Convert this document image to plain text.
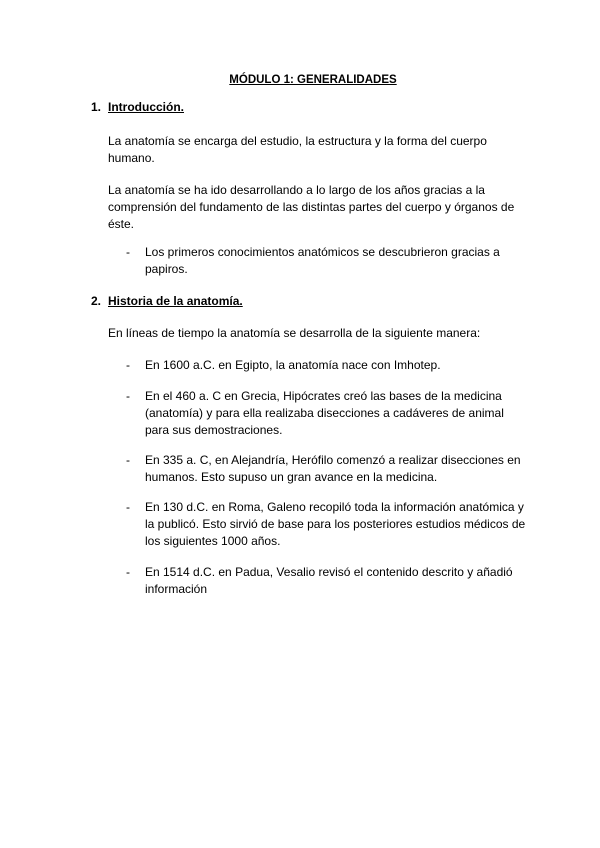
MÓDULO 1: GENERALIDADES
1. Introducción.
La anatomía se encarga del estudio, la estructura y la forma del cuerpo humano.
La anatomía se ha ido desarrollando a lo largo de los años gracias a la comprensión del fundamento de las distintas partes del cuerpo y órganos de éste.
- Los primeros conocimientos anatómicos se descubrieron gracias a papiros.
2. Historia de la anatomía.
En líneas de tiempo la anatomía se desarrolla de la siguiente manera:
- En 1600 a.C. en Egipto, la anatomía nace con Imhotep.
- En el 460 a. C en Grecia, Hipócrates creó las bases de la medicina (anatomía) y para ella realizaba disecciones a cadáveres de animal para sus demostraciones.
- En 335 a. C, en Alejandría, Herófilo comenzó a realizar disecciones en humanos. Esto supuso un gran avance en la medicina.
- En 130 d.C. en Roma, Galeno recopiló toda la información anatómica y la publicó. Esto sirvió de base para los posteriores estudios médicos de los siguientes 1000 años.
- En 1514 d.C. en Padua, Vesalio revisó el contenido descrito y añadió información
